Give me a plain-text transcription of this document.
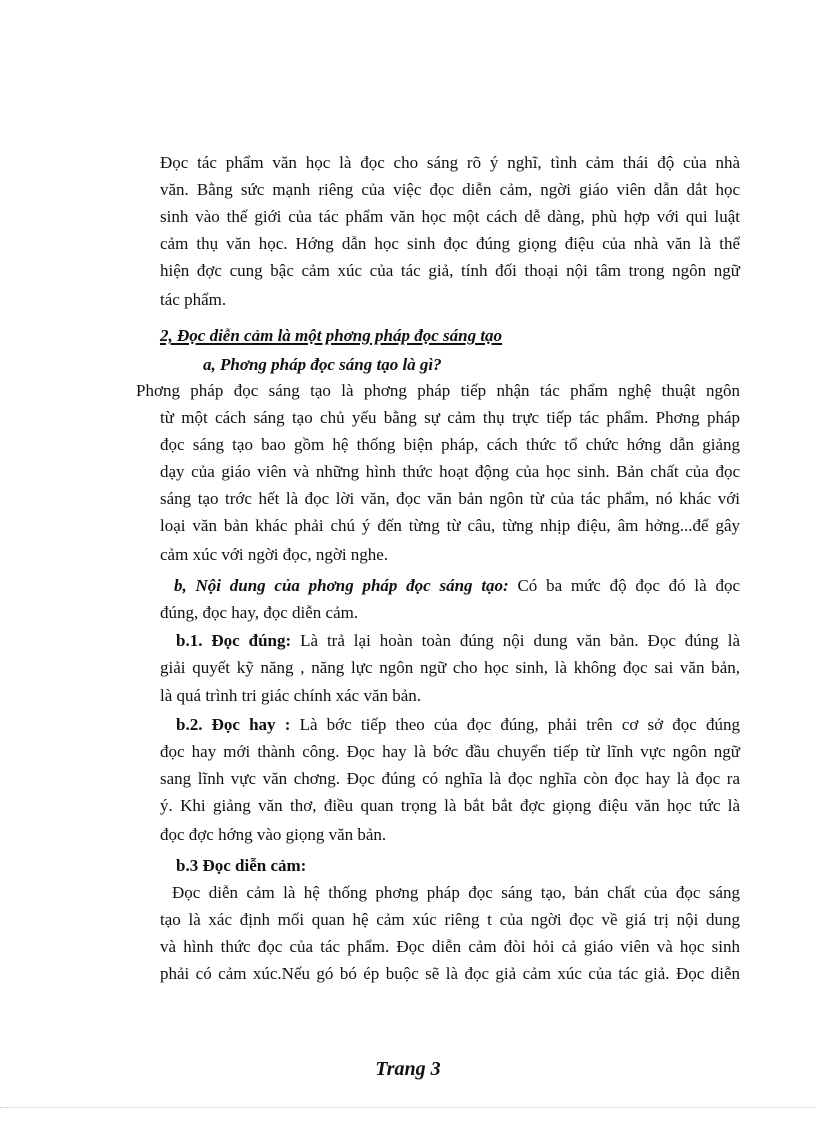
Đọc tác phẩm văn học là đọc cho sáng rõ ý nghĩ, tình cảm thái độ của nhà
văn. Bằng sức mạnh riêng của việc đọc diễn cảm, ngời giáo viên dẫn dắt học
sinh vào thế giới của tác phẩm văn học một cách dễ dàng, phù hợp với qui luật
cảm thụ văn học. Hớng dẫn học sinh đọc đúng giọng điệu của nhà văn là thể
hiện đợc cung bậc cảm xúc của tác giả, tính đối thoại nội tâm trong ngôn ngữ
tác phẩm.
2, Đọc diễn cảm là một phơng pháp đọc sáng tạo
a, Phơng pháp đọc sáng tạo là gì?
Phơng pháp đọc sáng tạo là phơng pháp tiếp nhận tác phẩm nghệ thuật ngôn
từ một cách sáng tạo chủ yếu bằng sự cảm thụ trực tiếp tác phẩm. Phơng pháp
đọc sáng tạo bao gồm hệ thống biện pháp, cách thức tổ chức hớng dẫn giảng
dạy của giáo viên và những hình thức hoạt động của học sinh. Bản chất của đọc
sáng tạo trớc hết là đọc lời văn, đọc văn bản ngôn từ của tác phẩm, nó khác với
loại văn bản khác phải chú ý đến từng từ câu, từng nhịp điệu, âm hởng...để gây
cảm xúc với ngời đọc, ngời nghe.
b, Nội dung của phơng pháp đọc sáng tạo: Có ba mức độ đọc đó là đọc
đúng, đọc hay, đọc diễn cảm.
b.1. Đọc đúng: Là trả lại hoàn toàn đúng nội dung văn bản. Đọc đúng là
giải quyết kỹ năng , năng lực ngôn ngữ cho học sinh, là không đọc sai văn bản,
là quá trình tri giác chính xác văn bản.
b.2. Đọc hay : Là bớc tiếp theo của đọc đúng, phải trên cơ sở đọc đúng
đọc hay mới thành công. Đọc hay là bớc đầu chuyển tiếp từ lĩnh vực ngôn ngữ
sang lĩnh vực văn chơng. Đọc đúng có nghĩa là đọc nghĩa còn đọc hay là đọc ra
ý. Khi giảng văn thơ, điều quan trọng là bắt bắt đợc giọng điệu văn học tức là
đọc đợc hớng vào giọng văn bản.
b.3 Đọc diễn cảm:
Đọc diễn cảm là hệ thống phơng pháp đọc sáng tạo, bản chất của đọc sáng
tạo là xác định mối quan hệ cảm xúc riêng t của ngời đọc về giá trị nội dung
và hình thức đọc của tác phẩm. Đọc diễn cảm đòi hỏi cả giáo viên và học sinh
phải có cảm xúc.Nếu gó bó ép buộc sẽ là đọc giả cảm xúc của tác giả. Đọc diễn
Trang 3
